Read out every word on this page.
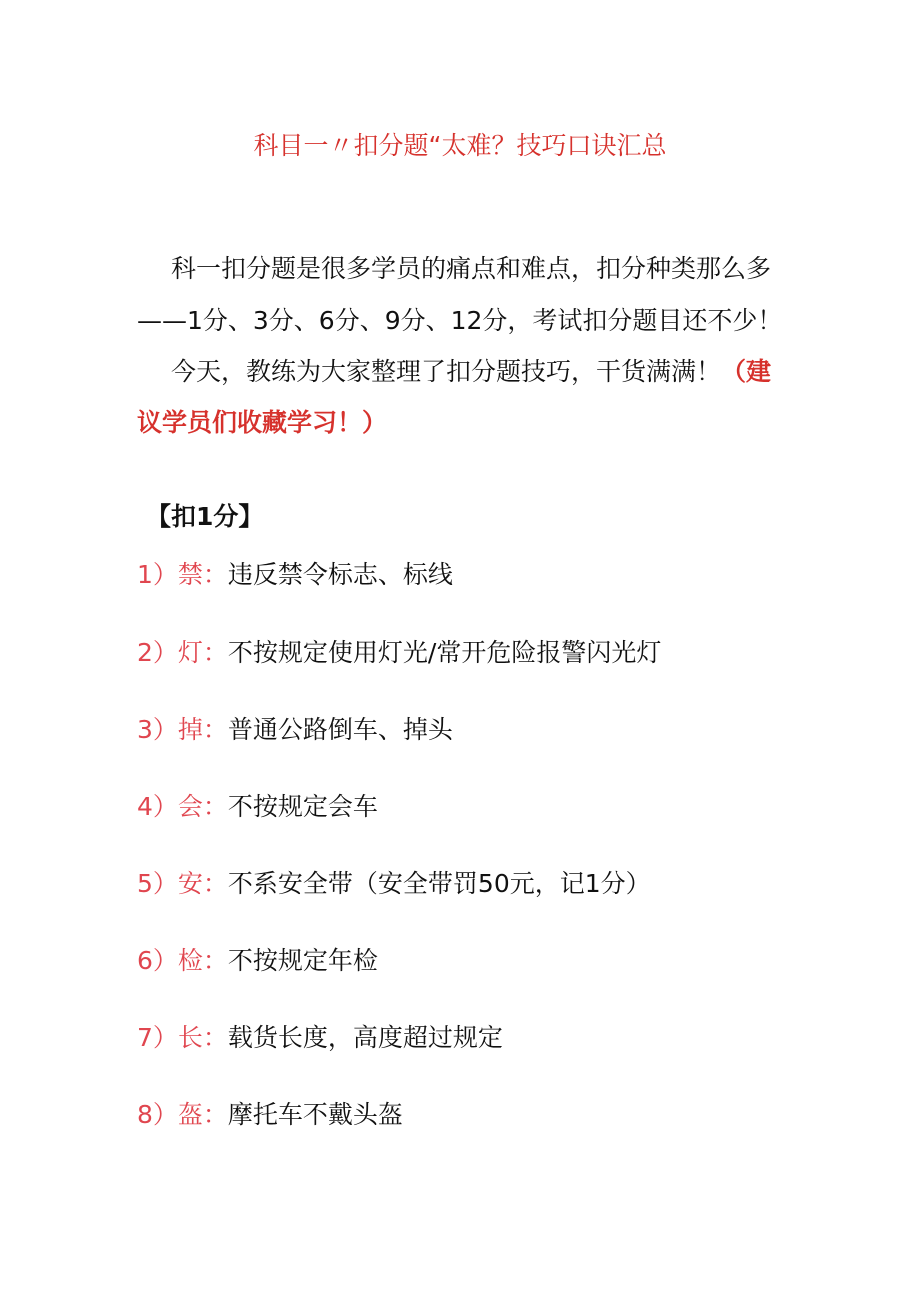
科目一〃扣分题“太难？技巧口诀汇总
科一扣分题是很多学员的痛点和难点，扣分种类那么多
——1分、3分、6分、9分、12分，考试扣分题目还不少！
今天，教练为大家整理了扣分题技巧，干货满满！（建
议学员们收藏学习！）
【扣1分】
1）禁：违反禁令标志、标线
2）灯：不按规定使用灯光/常开危险报警闪光灯
3）掉：普通公路倒车、掉头
4）会：不按规定会车
5）安：不系安全带（安全带罚50元，记1分）
6）检：不按规定年检
7）长：载货长度，高度超过规定
8）盔：摩托车不戴头盔
